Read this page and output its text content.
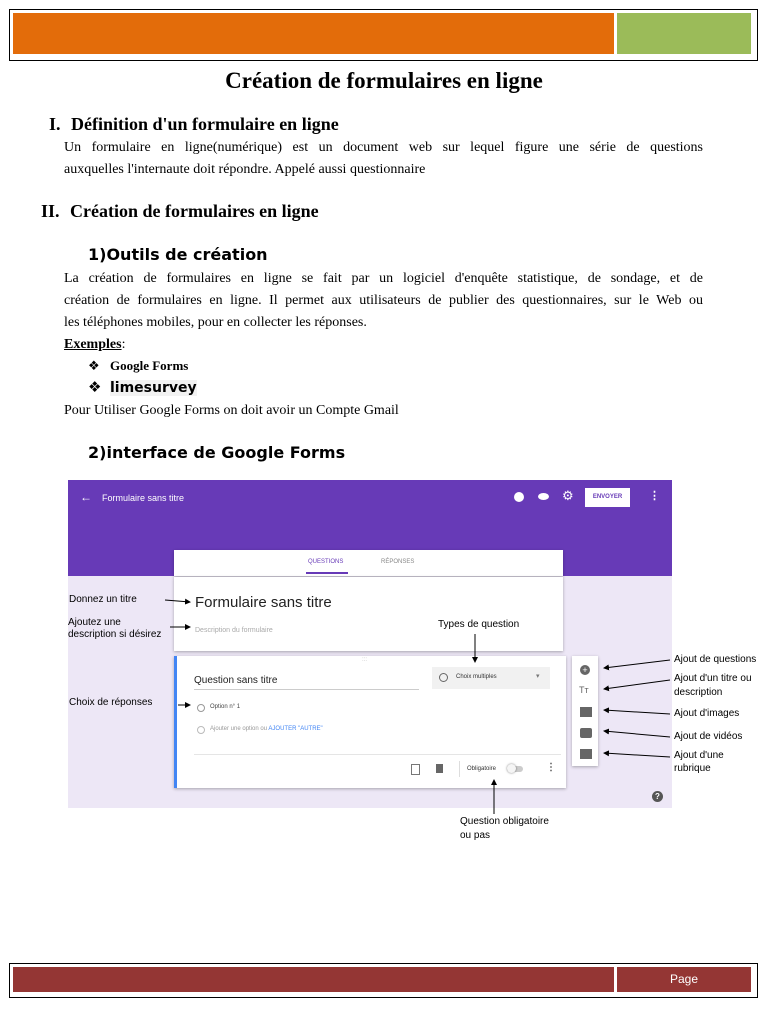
Création de formulaires en ligne
I. Définition d'un formulaire en ligne
Un formulaire en ligne(numérique) est un document web sur lequel figure une série de questions
auxquelles l'internaute doit répondre. Appelé aussi questionnaire
II. Création de formulaires en ligne
1)Outils de création
La création de formulaires en ligne se fait par un logiciel d'enquête statistique, de sondage, et de
création de formulaires en ligne. Il permet aux utilisateurs de publier des questionnaires, sur le Web ou
les téléphones mobiles, pour en collecter les réponses.
Exemples:
❖ Google Forms
❖ limesurvey
Pour Utiliser Google Forms on doit avoir un Compte Gmail
2)interface de Google Forms
← Formulaire sans titre	⚙	ENVOYER	⋮
QUESTIONS	RÉPONSES
Formulaire sans titre
Description du formulaire
:::
Question sans titre	Choix multiples	▾
Option n° 1
Ajouter une option ou AJOUTER "AUTRE"
Obligatoire	⋮
+
Tт
?
Donnez un titre
Ajoutez une
description si désirez
Choix de réponses
Types de question
Question obligatoire
ou pas
Ajout de questions
Ajout d'un titre ou
description
Ajout d'images
Ajout de vidéos
Ajout d'une
rubrique
Page
